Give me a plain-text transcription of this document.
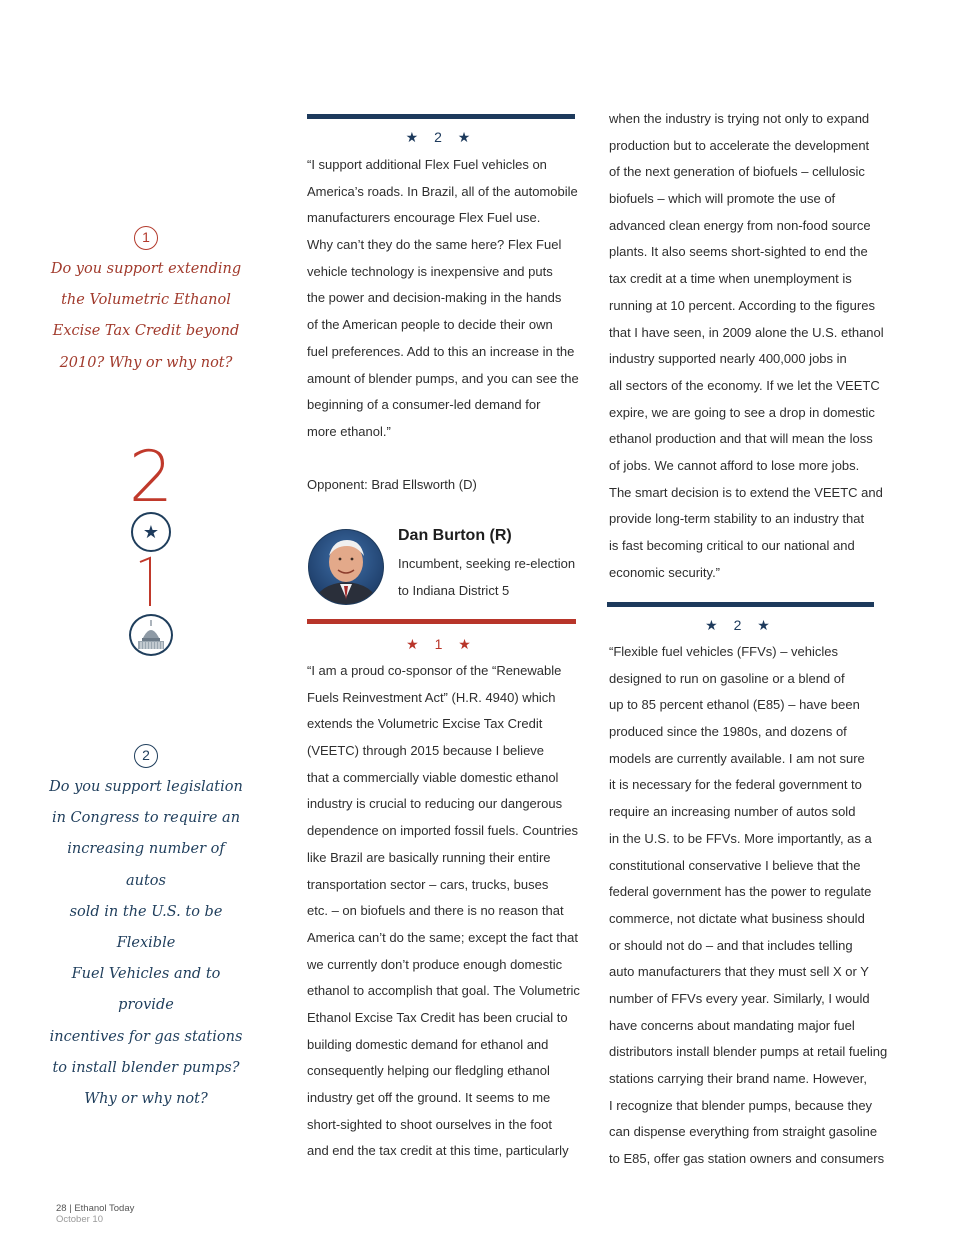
1
Do you support extending
the Volumetric Ethanol
Excise Tax Credit beyond
2010? Why or why not?
2
★
2
Do you support legislation
in Congress to require an
increasing number of autos
sold in the U.S. to be Flexible
Fuel Vehicles and to provide
incentives for gas stations
to install blender pumps?
Why or why not?
★ 2 ★
“I support additional Flex Fuel vehicles on
America’s roads. In Brazil, all of the automobile
manufacturers encourage Flex Fuel use.
Why can’t they do the same here? Flex Fuel
vehicle technology is inexpensive and puts
the power and decision-making in the hands
of the American people to decide their own
fuel preferences. Add to this an increase in the
amount of blender pumps, and you can see the
beginning of a consumer-led demand for
more ethanol.”
Opponent: Brad Ellsworth (D)
Dan Burton (R)
Incumbent, seeking re-election
to Indiana District 5
★ 1 ★
“I am a proud co-sponsor of the “Renewable
Fuels Reinvestment Act” (H.R. 4940) which
extends the Volumetric Excise Tax Credit
(VEETC) through 2015 because I believe
that a commercially viable domestic ethanol
industry is crucial to reducing our dangerous
dependence on imported fossil fuels. Countries
like Brazil are basically running their entire
transportation sector – cars, trucks, buses
etc. – on biofuels and there is no reason that
America can’t do the same; except the fact that
we currently don’t produce enough domestic
ethanol to accomplish that goal. The Volumetric
Ethanol Excise Tax Credit has been crucial to
building domestic demand for ethanol and
consequently helping our fledgling ethanol
industry get off the ground. It seems to me
short-sighted to shoot ourselves in the foot
and end the tax credit at this time, particularly
when the industry is trying not only to expand
production but to accelerate the development
of the next generation of biofuels – cellulosic
biofuels – which will promote the use of
advanced clean energy from non-food source
plants. It also seems short-sighted to end the
tax credit at a time when unemployment is
running at 10 percent. According to the figures
that I have seen, in 2009 alone the U.S. ethanol
industry supported nearly 400,000 jobs in
all sectors of the economy. If we let the VEETC
expire, we are going to see a drop in domestic
ethanol production and that will mean the loss
of jobs. We cannot afford to lose more jobs.
The smart decision is to extend the VEETC and
provide long-term stability to an industry that
is fast becoming critical to our national and
economic security.”
★ 2 ★
“Flexible fuel vehicles (FFVs) – vehicles
designed to run on gasoline or a blend of
up to 85 percent ethanol (E85) – have been
produced since the 1980s, and dozens of
models are currently available. I am not sure
it is necessary for the federal government to
require an increasing number of autos sold
in the U.S. to be FFVs. More importantly, as a
constitutional conservative I believe that the
federal government has the power to regulate
commerce, not dictate what business should
or should not do – and that includes telling
auto manufacturers that they must sell X or Y
number of FFVs every year. Similarly, I would
have concerns about mandating major fuel
distributors install blender pumps at retail fueling
stations carrying their brand name. However,
I recognize that blender pumps, because they
can dispense everything from straight gasoline
to E85, offer gas station owners and consumers
28 | Ethanol Today
October 10
